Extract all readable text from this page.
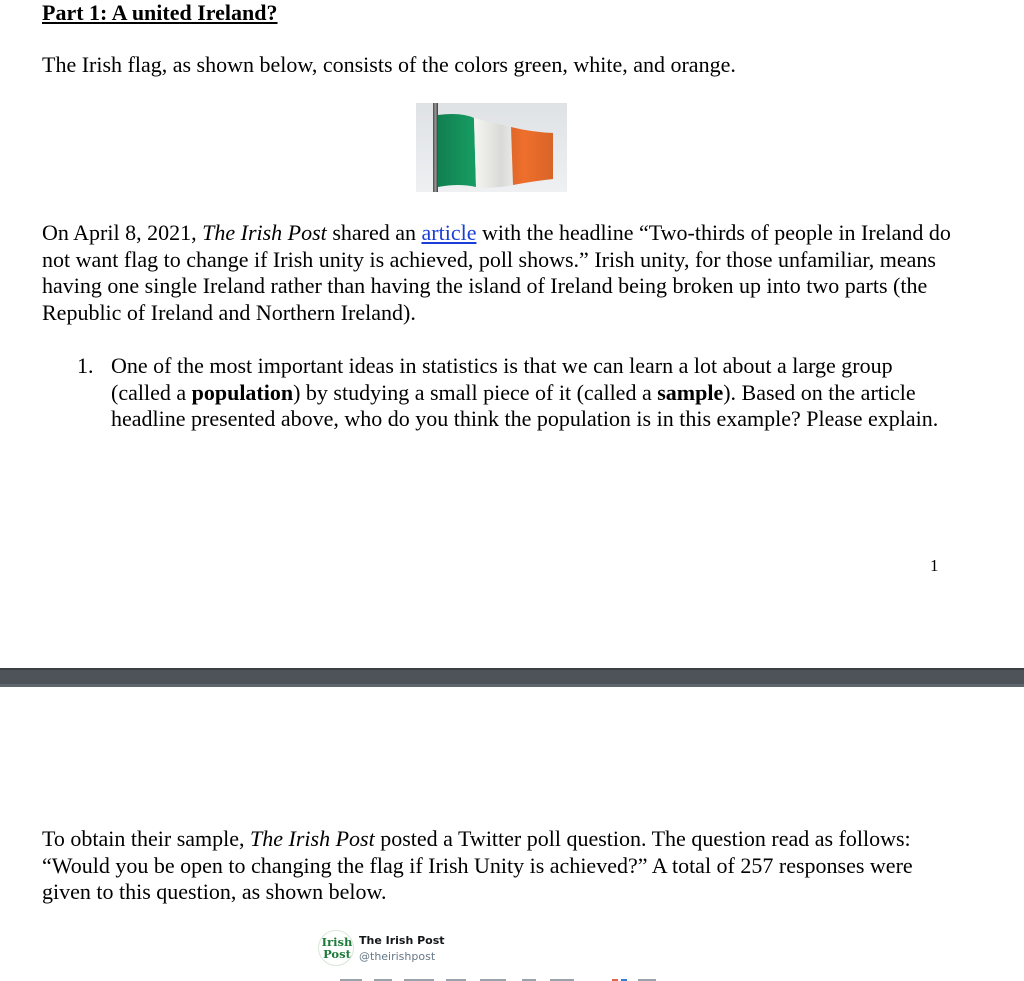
Part 1: A united Ireland?

The Irish flag, as shown below, consists of the colors green, white, and orange.

On April 8, 2021, The Irish Post shared an article with the headline “Two-thirds of people in Ireland do not want flag to change if Irish unity is achieved, poll shows.” Irish unity, for those unfamiliar, means having one single Ireland rather than having the island of Ireland being broken up into two parts (the Republic of Ireland and Northern Ireland).

1. One of the most important ideas in statistics is that we can learn a lot about a large group (called a population) by studying a small piece of it (called a sample). Based on the article headline presented above, who do you think the population is in this example? Please explain.

1

To obtain their sample, The Irish Post posted a Twitter poll question. The question read as follows: “Would you be open to changing the flag if Irish Unity is achieved?” A total of 257 responses were given to this question, as shown below.

Irish
Post
The Irish Post
@theirishpost
